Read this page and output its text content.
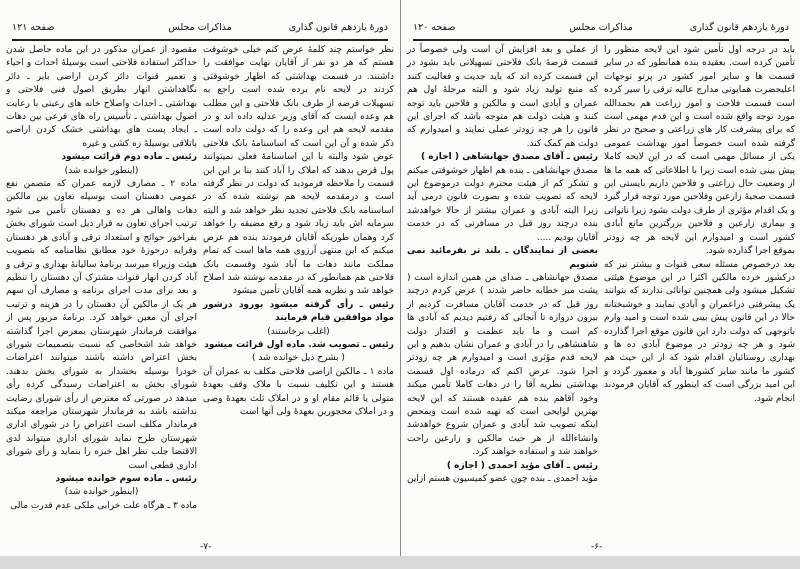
دورهٔ یازدهم قانون گذاری
مذاکرات مجلس
صفحه ۱۲۱

نظر خواستم چند کلمهٔ عرض کنم خیلی خوشوقت هستم که هر دو نفر از آقایان نهایت موافقت را داشتند. در قسمت بهداشتی که اظهار خوشوقتی کردند در لایحه نام برده شده است راجع به تسهیلات قرضه از طرف بانک فلاحتی و این مطلب هم وعده ایست که آقای وزیر عدلیه داده اند و در مقدمه لایحه هم این وعده را که دولت داده است ذکر شده و آن این است که اساسنامهٔ بانک فلاحتی عوض شود والبته با این اساسنامهٔ فعلی نمیتوانند پول قرض بدهند که املاک را آباد کنند بنا بر این این قسمت را ملاحظه فرمودید که دولت در نظر گرفته است و درمقدمه لایحه هم نوشته شده که در اساسنامه بانک فلاحتی تجدید نظر خواهد شد و البته سرمایه اش باید زیاد شود و رفع مضیقه را خواهد کرد وهمان طوریکه آقایان فرمودند بنده هم عرض میکنم که این منتهی آرزوی همه ماها است که تمام مملکت مانند دهات ما آباد شود وقسمت بانک فلاحتی هم همانطور که در مقدمه نوشته شد اصلاح خواهد شد و نظریه همه آقایان تأمین میشود

رئیس ـ رأی گرفته میشود بورود درشور مواد موافقین قیام فرمایند

(اغلب برخاستند)

رئیس ـ تصویب شد. ماده اول قرائت میشود

( بشرح ذیل خوانده شد )

ماده ۱ ـ مالکین اراضی فلاحتی مکلف به عمران آن هستند و این تکلیف نسبت با ملاک وقف بعهدهٔ متولی یا قائم مقام او و در املاک ثلث بعهدهٔ وصی و در املاک محجورین بعهدهٔ ولی آنها است

مقصود از عمران مذکور در این ماده حاصل شدن حداکثر استفاده فلاحتی است بوسیلهٔ احداث و احیاء و تعمیر قنوات دائر کردن اراضی بایر ـ دائر نگاهداشتن انهار بطریق اصول فنی فلاحتی و بهداشتی ـ احداث واصلاح خانه های رعیتی با رعایت اصول بهداشتی ـ تأسیس راه های فرعی بین دهات ـ ایجاد پست های بهداشتی خشک کردن اراضی باتلاقی بوسیلهٔ زه کشی و غیره

رئیس ـ ماده دوم قرائت میشود

(اینطور خوانده شد)

ماده ۲ ـ مصارف لازمه عمران که متضمن نفع عمومی دهستان است بوسیله تعاون بین مالکین دهات واهالی هر ده و دهستان تأمین می شود ترتیب اجرای تعاون به قرار ذیل است شورای بخش بفراخور حوائج و استعداد ترقی و آبادی هر دهستان وقرایه درحوزهٔ خود مطابق نظامنامه که بتصویب هیئت وزیراء میرسد برنامهٔ سالیانهٔ بهداری و ترقی و آباد کردن انهار قنوات مشترک آن دهستان را تنظیم و بعد برای مدت اجرای برنامه و مصارف آن سهم هر یک از مالکین آن دهستان را در هزینه و ترتیب اجرای آن معین خواهد کرد. برنامهٔ مزبور پس از موافقت فرماندار شهرستان بمعرض اجرا گذاشته خواهد شد اشخاصی که نسبت بتصمیمات شورای بخش اعتراض داشته باشند میتوانند اعتراضات خودرا بوسیله بخشدار به شورای بخش بدهند. شورای بخش به اعتراضات رسیدگی کرده رأی میدهد در صورتی که معترض از رأی شورای رضایت نداشته باشد به فرماندار شهرستان مراجعه میکند فرماندار مکلف است اعتراض را در شورای اداری شهرستان طرح نماید شورای اداری میتواند لدی الاقتضا جلب نظر اهل خبره را بنماید و رأی شورای اداری قطعی است

رئیس ـ ماده سوم خوانده میشود

(اینطور خوانده شد)

ماده ۳ ـ هرگاه علت خرابی ملکی عدم قدرت مالی

-۷-
دورهٔ یازدهم قانون گذاری
مذاکرات مجلس
صفحه ۱۲۰

باید در درجه اول تأمین شود این لایحه منظور را تأمین کرده است. بعقیده بنده همانطور که در سایر قسمت ها و سایر امور کشور در پرتو توجهات اعلیحضرت همایونی مدارج عالیه ترقی را سیر کرده است قسمت فلاحت و امور زراعت هم بحمدالله مورد توجه واقع شده است و این قدم مهمی است که برای پیشرفت کار های زراعتی و صحیح در نظر گرفته شده است خصوصاً امور بهداشت عمومی یکی از مسائل مهمی است که در این لایحه کاملا پیش بینی شده است زیرا با اطلاعاتی که همه ما ها از وضعیت حال زراعتی و فلاحین داریم بایستی این قسمت صحیهٔ زارعین وفلاحین مورد توجه قرار گیرد و یک اقدام مؤثری از طرف دولت بشود زیرا ناتوانی و بیماری زارعین و فلاحین بزرگترین مانع آبادی کشور است و امیدوارم این لایحه هر چه زودتر بموقع اجرا گذارده شود.

بعد درخصوص مسئله سعی قنوات و بیشتر نیز که درکشور خرده مالکین اکثرا در این موضوع هیئتی تشکیل میشود ولی همچنین توانائی ندارند که بتوانند یک پیشرفتی دراعمران و آبادی نمایند و خوشبختانه حالا در این قانون پیش بینی شده است و امید وارم باتوجهی که دولت دارد این قانون موقع اجرا گذارده شود و هر چه زودتر در موضوع آبادی ده ها و بهداری روستائیان اقدام شود که از این حیث هم کشور ما مانند سایر کشورها آباد و معمور گردد و این امید بزرگی است که اینطور که آقایان فرمودند انجام شود.

از عملی و بعد افزایش آن است ولی خصوصاً در قسمت قرضهٔ بانک فلاحتی تسهیلاتی باید بشود در این قسمت کرده اند که باید جدیت و فعالیت کنند که منبع تولید زیاد شود و البته مرحلهٔ اول هم عمران و آبادی است و مالکین و فلاحین باید توجه کنند و هیئت دولت هم متوجه باشد که اجرای این قانون را هر چه زودتر عملی نمایند و امیدوارم که دولت هم کمک کند.

رئیس ـ آقای مصدق جهانشاهی ( اجازه )

مصدق جهانشاهی ـ بنده هم اظهار خوشوقتی میکنم و تشکر کم از هیئت محترم دولت درموضوع این لایحه که تصویب شده و بصورت قانون درمی آید زیرا البته آبادی و عمران بیشتر از حالا خواهدشد بنده درچند روز قبل در مسافرتی که در خدمت آقایان بودیم .....

بعضی از نمایندگان ـ بلند تر بفرمائید نمی شنویم

مصدق جهانشاهی ـ صدای من همین اندازه است ( پشت میز خطابه حاضر شدند ) عرض کردم درچند روز قبل که در خدمت آقایان مسافرت کردیم از بیرون دروازه تا آنجائی که رفتیم دیدیم که آبادی ها کم است و ما باید عظمت و اقتدار دولت شاهنشاهی را در آبادی و عمران نشان بدهیم و این لایحه قدم مؤثری است و امیدوارم هر چه زودتر اجرا شود. عرض اکنم که درماده اول قسمت بهداشتی نظریه آقا را در دهات کاملا تأمین میکند وخود آقاهم بنده هم عقیده هستند که این لایحه بهترین لوایحی است که تهیه شده است وبمحض اینکه تصویب شد آبادی و عمران شروع خواهدشد وانشاءالله از هر حیث مالکین و زارعین راحت خواهند شد و استفاده خواهند کرد.

رئیس ـ آقای مؤید احمدی ( اجازه )

مؤید احمدی ـ بنده چون عضو کمیسیون هستم ازاین

-۶-
